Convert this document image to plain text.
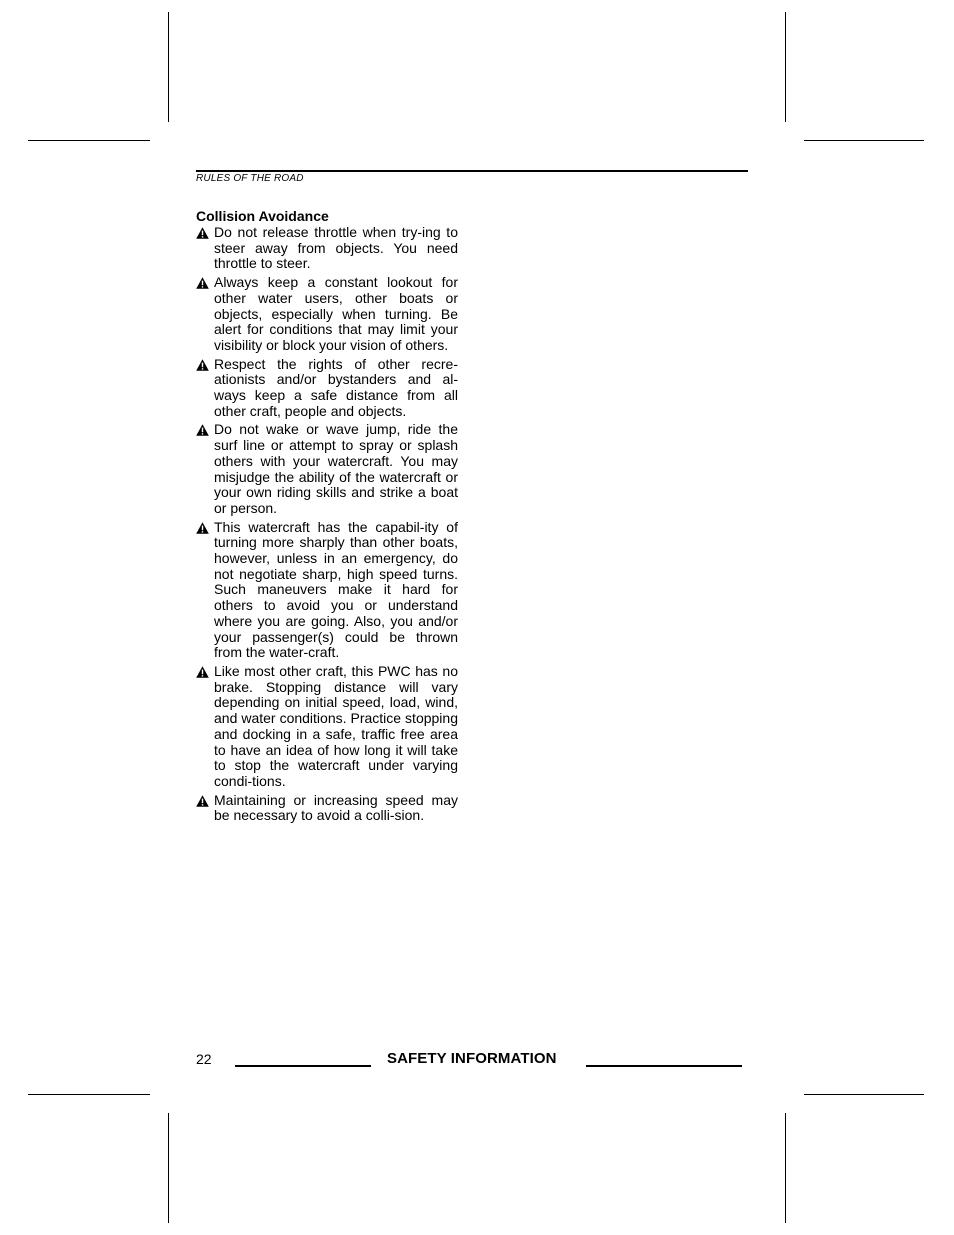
RULES OF THE ROAD

Collision Avoidance

Do not release throttle when try-ing to steer away from objects. You need throttle to steer.
Always keep a constant lookout for other water users, other boats or objects, especially when turning. Be alert for conditions that may limit your visibility or block your vision of others.
Respect the rights of other recre-ationists and/or bystanders and al-ways keep a safe distance from all other craft, people and objects.
Do not wake or wave jump, ride the surf line or attempt to spray or splash others with your watercraft. You may misjudge the ability of the watercraft or your own riding skills and strike a boat or person.
This watercraft has the capabil-ity of turning more sharply than other boats, however, unless in an emergency, do not negotiate sharp, high speed turns. Such maneuvers make it hard for others to avoid you or understand where you are going. Also, you and/or your passenger(s) could be thrown from the water-craft.
Like most other craft, this PWC has no brake. Stopping distance will vary depending on initial speed, load, wind, and water conditions. Practice stopping and docking in a safe, traffic free area to have an idea of how long it will take to stop the watercraft under varying condi-tions.
Maintaining or increasing speed may be necessary to avoid a colli-sion.
22	SAFETY INFORMATION
